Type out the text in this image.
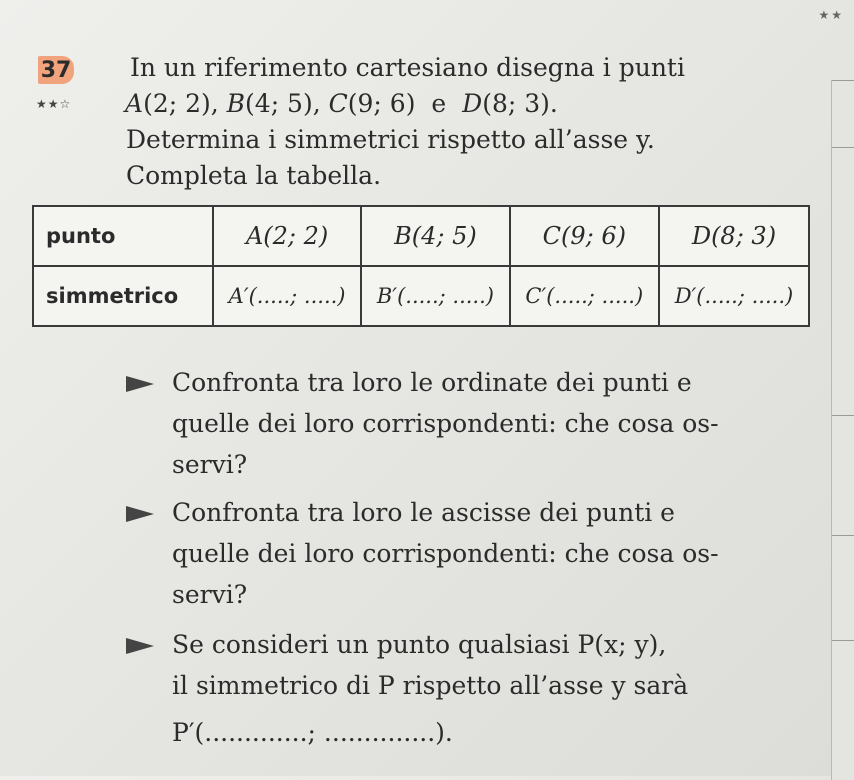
★★
37
★★☆
In un riferimento cartesiano disegna i punti
A(2; 2), B(4; 5), C(9; 6) e D(8; 3).
Determina i simmetrici rispetto all’asse y.
Completa la tabella.
punto	A(2; 2)	B(4; 5)	C(9; 6)	D(8; 3)
simmetrico	A′(.....; .....)	B′(.....; .....)	C′(.....; .....)	D′(.....; .....)
Confronta tra loro le ordinate dei punti e
quelle dei loro corrispondenti: che cosa os-
servi?
Confronta tra loro le ascisse dei punti e
quelle dei loro corrispondenti: che cosa os-
servi?
Se consideri un punto qualsiasi P(x; y),
il simmetrico di P rispetto all’asse y sarà
P′(.............; ..............).
